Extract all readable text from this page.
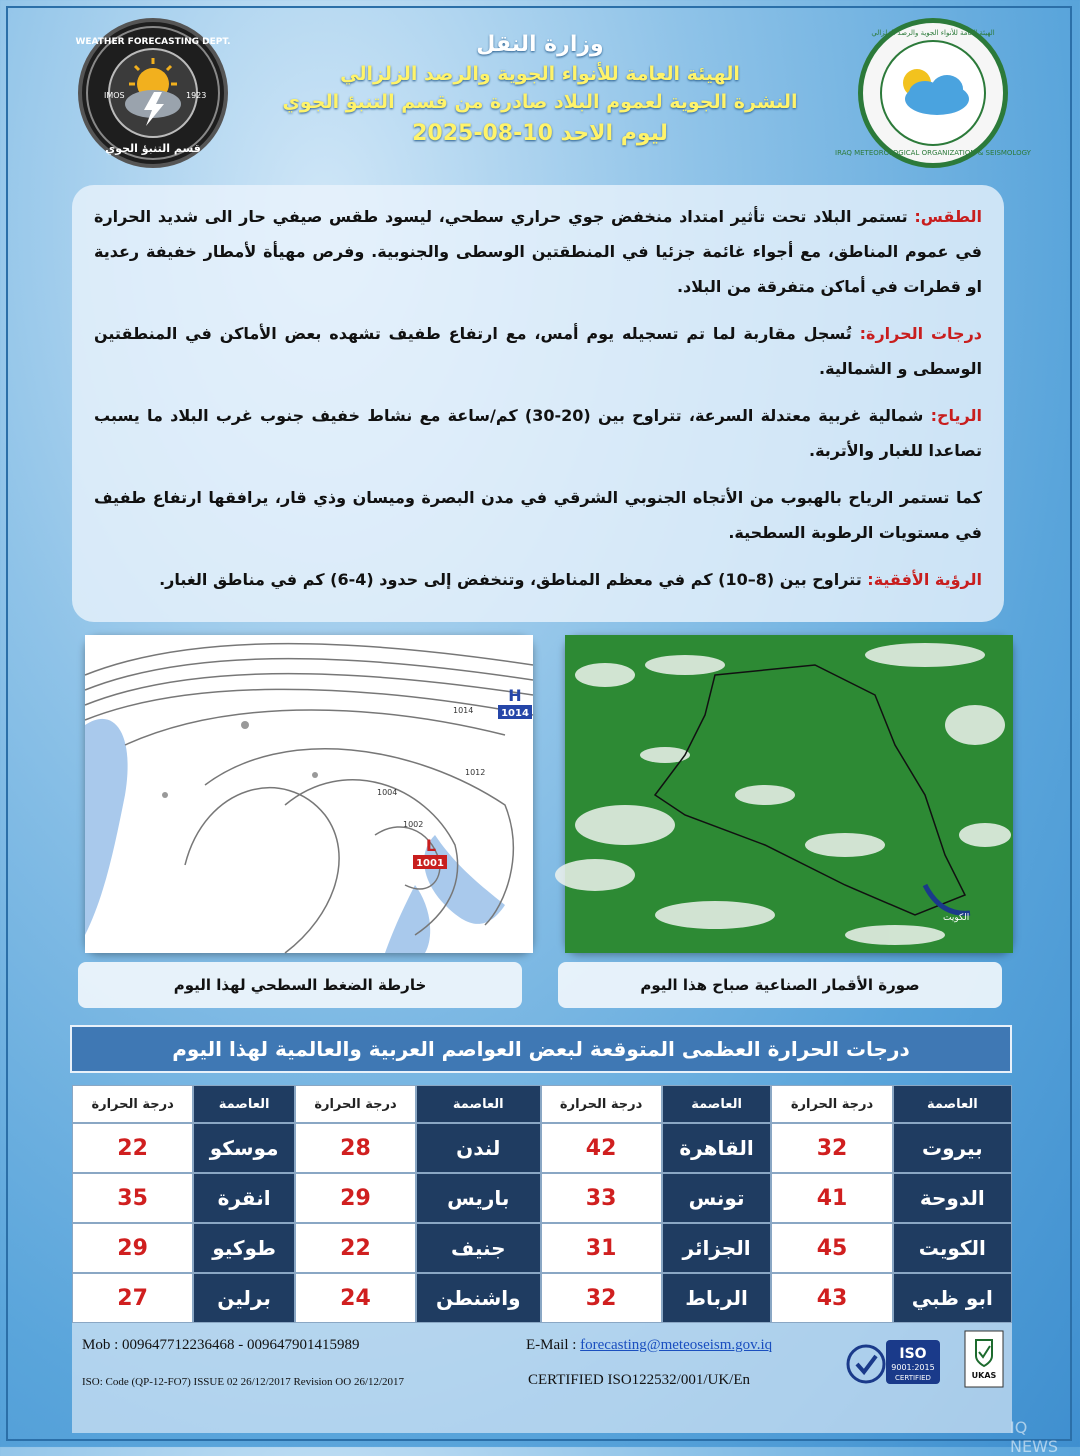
IMOS	1923
WEATHER FORECASTING DEPT.
قسم التنبؤ الجوي	IRAQ METEOROLOGICAL ORGANIZATION & SEISMOLOGY
الهيئة العامة للأنواء الجوية والرصد الزلزالي
وزارة النقل
الهيئة العامة للأنواء الجوية والرصد الزلزالي
النشرة الجوية لعموم البلاد صادرة من قسم التنبؤ الجوي
ليوم الاحد 10-08-2025

الطقس: تستمر البلاد تحت تأثير امتداد منخفض جوي حراري سطحي، ليسود طقس صيفي حار الى شديد الحرارة في عموم المناطق، مع أجواء غائمة جزئيا في المنطقتين الوسطى والجنوبية. وفرص مهيأة لأمطار خفيفة رعدية او قطرات في أماكن متفرقة من البلاد.

درجات الحرارة: تُسجل مقاربة لما تم تسجيله يوم أمس، مع ارتفاع طفيف تشهده بعض الأماكن في المنطقتين الوسطى و الشمالية.

الرياح: شمالية غربية معتدلة السرعة، تتراوح بين (20-30) كم/ساعة مع نشاط خفيف جنوب غرب البلاد ما يسبب تصاعدا للغبار والأتربة.

كما تستمر الرياح بالهبوب من الأتجاه الجنوبي الشرقي في مدن البصرة وميسان وذي قار، يرافقها ارتفاع طفيف في مستويات الرطوبة السطحية.

الرؤية الأفقية: تتراوح بين (8–10) كم في معظم المناطق، وتنخفض إلى حدود (4-6) كم في مناطق الغبار.

H
1014
L
1001
1014
1012
1004
1002
الكويت
خارطة الضغط السطحي لهذا اليوم	صورة الأقمار الصناعية صباح هذا اليوم
درجات الحرارة العظمى المتوقعة لبعض العواصم العربية والعالمية لهذا اليوم
العاصمة	درجة الحرارة	العاصمة	درجة الحرارة	العاصمة	درجة الحرارة	العاصمة	درجة الحرارة
بيروت	32	القاهرة	42	لندن	28	موسكو	22
الدوحة	41	تونس	33	باريس	29	انقرة	35
الكويت	45	الجزائر	31	جنيف	22	طوكيو	29
ابو ظبي	43	الرباط	32	واشنطن	24	برلين	27
Mob : 009647712236468 - 009647901415989	E-Mail : forecasting@meteoseism.gov.iq
ISO: Code (QP-12-FO7) ISSUE 02 26/12/2017 Revision OO 26/12/2017	CERTIFIED ISO122532/001/UK/En
ISO
9001:2015
CERTIFIED	UKAS
IQ NEWS
